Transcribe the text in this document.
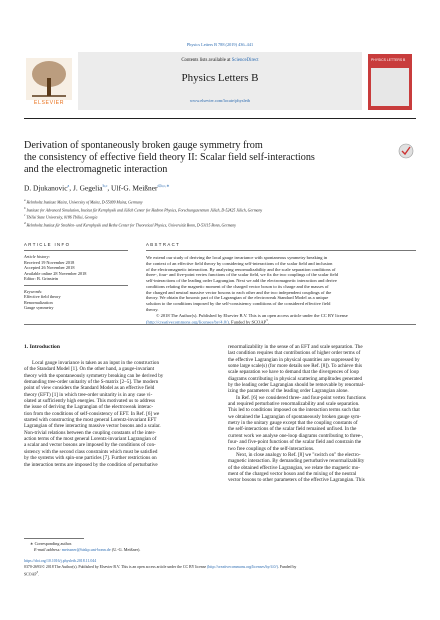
Physics Letters B 788 (2019) 436–441
ELSEVIER
Contents lists available at ScienceDirect
Physics Letters B
www.elsevier.com/locate/physletb
PHYSICS LETTERS B
Derivation of spontaneously broken gauge symmetry from
the consistency of effective field theory II: Scalar field self-interactions
and the electromagnetic interaction
D. Djukanovic$^a$, J. Gegelia$^{b,c}$, Ulf-G. Meißner$^{d,b,c,∗}$
$^a$ Helmholtz Institute Mainz, University of Mainz, D-55099 Mainz, Germany
$^b$ Institute for Advanced Simulation, Institut für Kernphysik and Jülich Center for Hadron Physics, Forschungszentrum Jülich, D-52425 Jülich, Germany
$^c$ Tbilisi State University, 0186 Tbilisi, Georgia
$^d$ Helmholtz Institut für Strahlen- und Kernphysik and Bethe Center for Theoretical Physics, Universität Bonn, D-53115 Bonn, Germany
ARTICLE INFO
Article history:
Received 19 November 2018
Accepted 26 November 2018
Available online 28 November 2018
Editor: B. Grinstein
Keywords:
Effective field theory
Renormalization
Gauge symmetry
ABSTRACT
We extend our study of deriving the local gauge invariance with spontaneous symmetry breaking in
the context of an effective field theory by considering self-interactions of the scalar field and inclusion
of the electromagnetic interaction. By analyzing renormalizability and the scale separation conditions of
three-, four- and five-point vertex functions of the scalar field, we fix the two couplings of the scalar field
self-interactions of the leading order Lagrangian. Next we add the electromagnetic interaction and derive
conditions relating the magnetic moment of the charged vector boson to its charge and the masses of
the charged and neutral massive vector bosons to each other and the two independent couplings of the
theory. We obtain the bosonic part of the Lagrangian of the electroweak Standard Model as a unique
solution to the conditions imposed by the self-consistency conditions of the considered effective field
theory.
© 2018 The Author(s). Published by Elsevier B.V. This is an open access article under the CC BY license
(http://creativecommons.org/licenses/by/4.0/). Funded by SCOAP$^3$.
1. Introduction
Local gauge invariance is taken as an input in the construction
of the Standard Model [1]. On the other hand, a gauge-invariant
theory with the spontaneously symmetry breaking can be derived by
demanding tree-order unitarity of the S-matrix [2–5]. The modern
point of view considers the Standard Model as an effective field
theory (EFT) [1] in which tree-order unitarity is in any case vi-
olated at sufficiently high energies. This motivated us to address
the issue of deriving the Lagrangian of the electroweak interac-
tion from the conditions of self-consistency of EFT. In Ref. [6] we
started with constructing the most general Lorentz-invariant EFT
Lagrangian of three interacting massive vector bosons and a scalar.
Non-trivial relations between the coupling constants of the inter-
action terms of the most general Lorentz-invariant Lagrangian of
a scalar and vector bosons are imposed by the conditions of con-
sistency with the second class constraints which must be satisfied
by the systems with spin-one particles [7]. Further restrictions on
the interaction terms are imposed by the condition of perturbative
renormalizability in the sense of an EFT and scale separation. The
last condition requires that contributions of higher order terms of
the effective Lagrangian in physical quantities are suppressed by
some large scale(s) (for more details see Ref. [8]). To achieve this
scale separation we have to demand that the divergences of loop
diagrams contributing in physical scattering amplitudes generated
by the leading order Lagrangian should be removable by renormal-
izing the parameters of the leading order Lagrangian alone.
In Ref. [6] we considered three- and four-point vertex functions
and required perturbative renormalizability and scale separation.
This led to conditions imposed on the interaction terms such that
we obtained the Lagrangian of spontaneously broken gauge sym-
metry in the unitary gauge except that the coupling constants of
the self-interactions of the scalar field remained unfixed. In the
current work we analyse one-loop diagrams contributing to three-,
four- and five-point functions of the scalar field and constrain the
two free couplings of the self-interactions.
Next, in close analogy to Ref. [8] we "switch on" the electro-
magnetic interaction. By demanding perturbative renormalizability
of the obtained effective Lagrangian, we relate the magnetic mo-
ment of the charged vector boson and the mixing of the neutral
vector bosons to other parameters of the effective Lagrangian. This
∗ Corresponding author.
E-mail address: meissner@hiskp.uni-bonn.de (U.-G. Meißner).
https://doi.org/10.1016/j.physletb.2018.11.044
0370-2693/© 2018 The Author(s). Published by Elsevier B.V. This is an open access article under the CC BY license (http://creativecommons.org/licenses/by/4.0/). Funded by
SCOAP$^3$.
